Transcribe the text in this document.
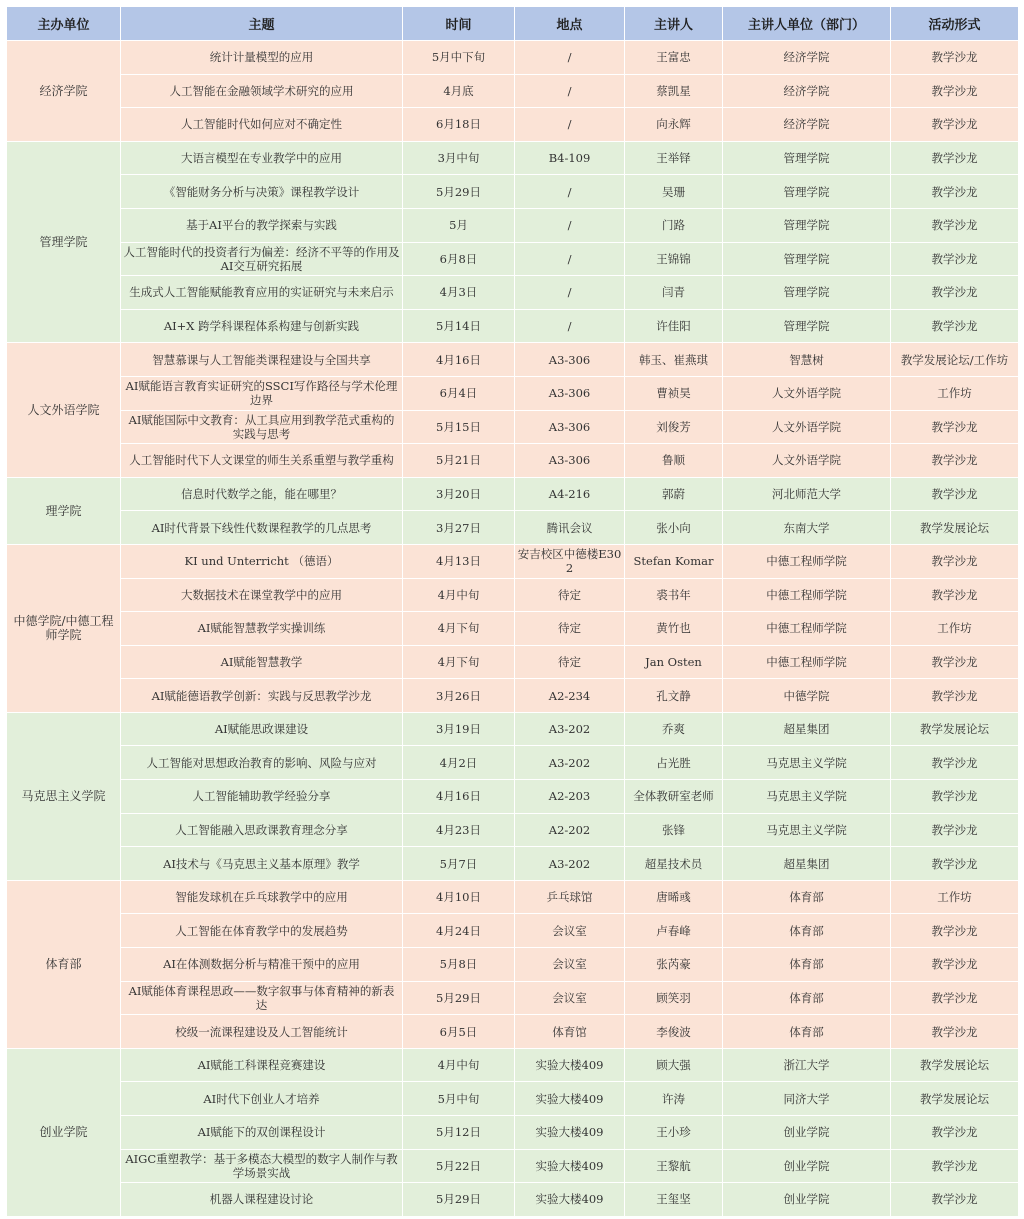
主办单位	主题	时间	地点	主讲人	主讲人单位（部门）	活动形式
经济学院	统计计量模型的应用	5月中下旬	/	王富忠	经济学院	教学沙龙
	人工智能在金融领域学术研究的应用	4月底	/	蔡凯星	经济学院	教学沙龙
	人工智能时代如何应对不确定性	6月18日	/	向永辉	经济学院	教学沙龙
管理学院	大语言模型在专业教学中的应用	3月中旬	B4-109	王举铎	管理学院	教学沙龙
	《智能财务分析与决策》课程教学设计	5月29日	/	吴珊	管理学院	教学沙龙
	基于AI平台的教学探索与实践	5月	/	门路	管理学院	教学沙龙
	人工智能时代的投资者行为偏差：经济不平等的作用及AI交互研究拓展	6月8日	/	王锦锦	管理学院	教学沙龙
	生成式人工智能赋能教育应用的实证研究与未来启示	4月3日	/	闫青	管理学院	教学沙龙
	AI+X 跨学科课程体系构建与创新实践	5月14日	/	许佳阳	管理学院	教学沙龙
人文外语学院	智慧慕课与人工智能类课程建设与全国共享	4月16日	A3-306	韩玉、崔燕琪	智慧树	教学发展论坛/工作坊
	AI赋能语言教育实证研究的SSCI写作路径与学术伦理边界	6月4日	A3-306	曹祯昊	人文外语学院	工作坊
	AI赋能国际中文教育：从工具应用到教学范式重构的实践与思考	5月15日	A3-306	刘俊芳	人文外语学院	教学沙龙
	人工智能时代下人文课堂的师生关系重塑与教学重构	5月21日	A3-306	鲁顺	人文外语学院	教学沙龙
理学院	信息时代数学之能，能在哪里？	3月20日	A4-216	郭蔚	河北师范大学	教学沙龙
	AI时代背景下线性代数课程教学的几点思考	3月27日	腾讯会议	张小向	东南大学	教学发展论坛
中德学院/中德工程师学院	KI und Unterricht （德语）	4月13日	安吉校区中德楼E302	Stefan Komar	中德工程师学院	教学沙龙
	大数据技术在课堂教学中的应用	4月中旬	待定	裘书年	中德工程师学院	教学沙龙
	AI赋能智慧教学实操训练	4月下旬	待定	黄竹也	中德工程师学院	工作坊
	AI赋能智慧教学	4月下旬	待定	Jan Osten	中德工程师学院	教学沙龙
	AI赋能德语教学创新：实践与反思教学沙龙	3月26日	A2-234	孔文静	中德学院	教学沙龙
马克思主义学院	AI赋能思政课建设	3月19日	A3-202	乔爽	超星集团	教学发展论坛
	人工智能对思想政治教育的影响、风险与应对	4月2日	A3-202	占光胜	马克思主义学院	教学沙龙
	人工智能辅助教学经验分享	4月16日	A2-203	全体教研室老师	马克思主义学院	教学沙龙
	人工智能融入思政课教育理念分享	4月23日	A2-202	张锋	马克思主义学院	教学沙龙
	AI技术与《马克思主义基本原理》教学	5月7日	A3-202	超星技术员	超星集团	教学沙龙
体育部	智能发球机在乒乓球教学中的应用	4月10日	乒乓球馆	唐晞彧	体育部	工作坊
	人工智能在体育教学中的发展趋势	4月24日	会议室	卢春峰	体育部	教学沙龙
	AI在体测数据分析与精准干预中的应用	5月8日	会议室	张芮豪	体育部	教学沙龙
	AI赋能体育课程思政——数字叙事与体育精神的新表达	5月29日	会议室	顾笑羽	体育部	教学沙龙
	校级一流课程建设及人工智能统计	6月5日	体育馆	李俊波	体育部	教学沙龙
创业学院	AI赋能工科课程竞赛建设	4月中旬	实验大楼409	顾大强	浙江大学	教学发展论坛
	AI时代下创业人才培养	5月中旬	实验大楼409	许涛	同济大学	教学发展论坛
	AI赋能下的双创课程设计	5月12日	实验大楼409	王小珍	创业学院	教学沙龙
	AIGC重塑教学：基于多模态大模型的数字人制作与教学场景实战	5月22日	实验大楼409	王黎航	创业学院	教学沙龙
	机器人课程建设讨论	5月29日	实验大楼409	王玺坚	创业学院	教学沙龙
